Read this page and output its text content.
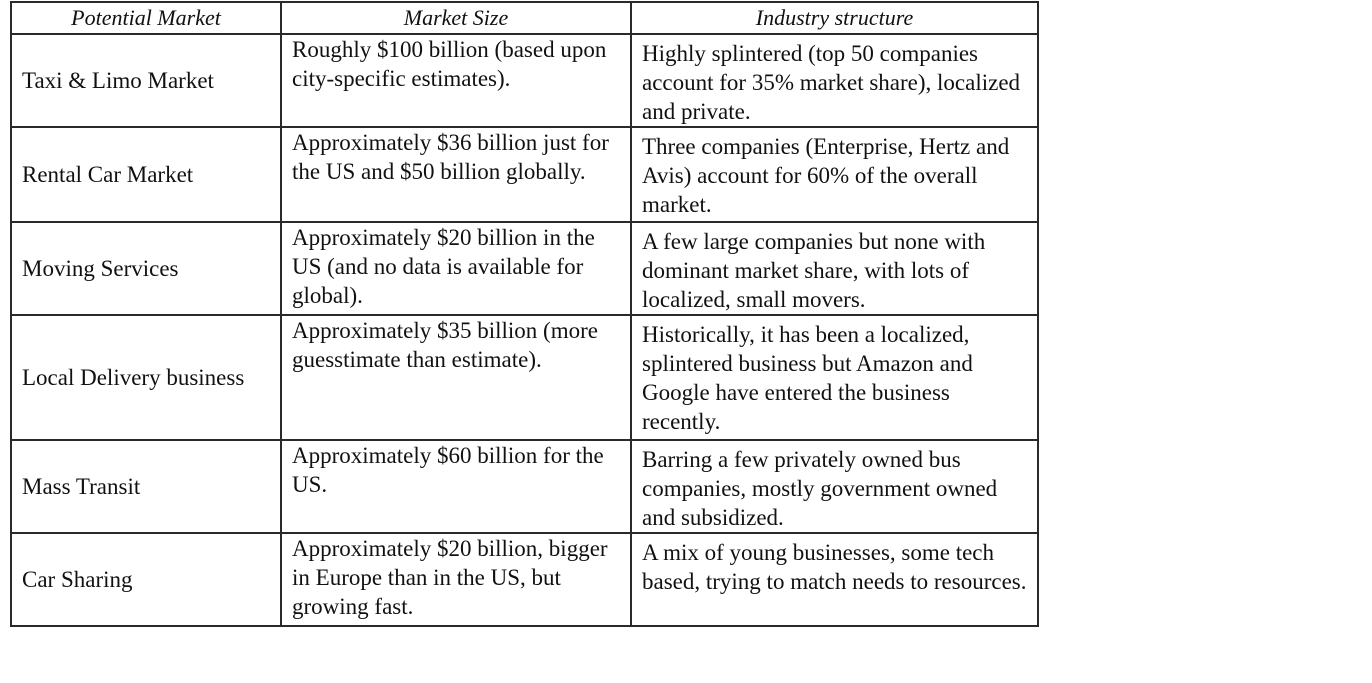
Potential Market	Market Size	Industry structure
Taxi & Limo Market	Roughly $100 billion (based upon city-specific estimates).	Highly splintered (top 50 companies account for 35% market share), localized and private.
Rental Car Market	Approximately $36 billion just for the US and $50 billion globally.	Three companies (Enterprise, Hertz and Avis) account for 60% of the overall market.
Moving Services	Approximately $20 billion in the US (and no data is available for global).	A few large companies but none with dominant market share, with lots of localized, small movers.
Local Delivery business	Approximately $35 billion (more guesstimate than estimate).	Historically, it has been a localized, splintered business but Amazon and Google have entered the business recently.
Mass Transit	Approximately $60 billion for the US.	Barring a few privately owned bus companies, mostly government owned and subsidized.
Car Sharing	Approximately $20 billion, bigger in Europe than in the US, but growing fast.	A mix of young businesses, some tech based, trying to match needs to resources.
